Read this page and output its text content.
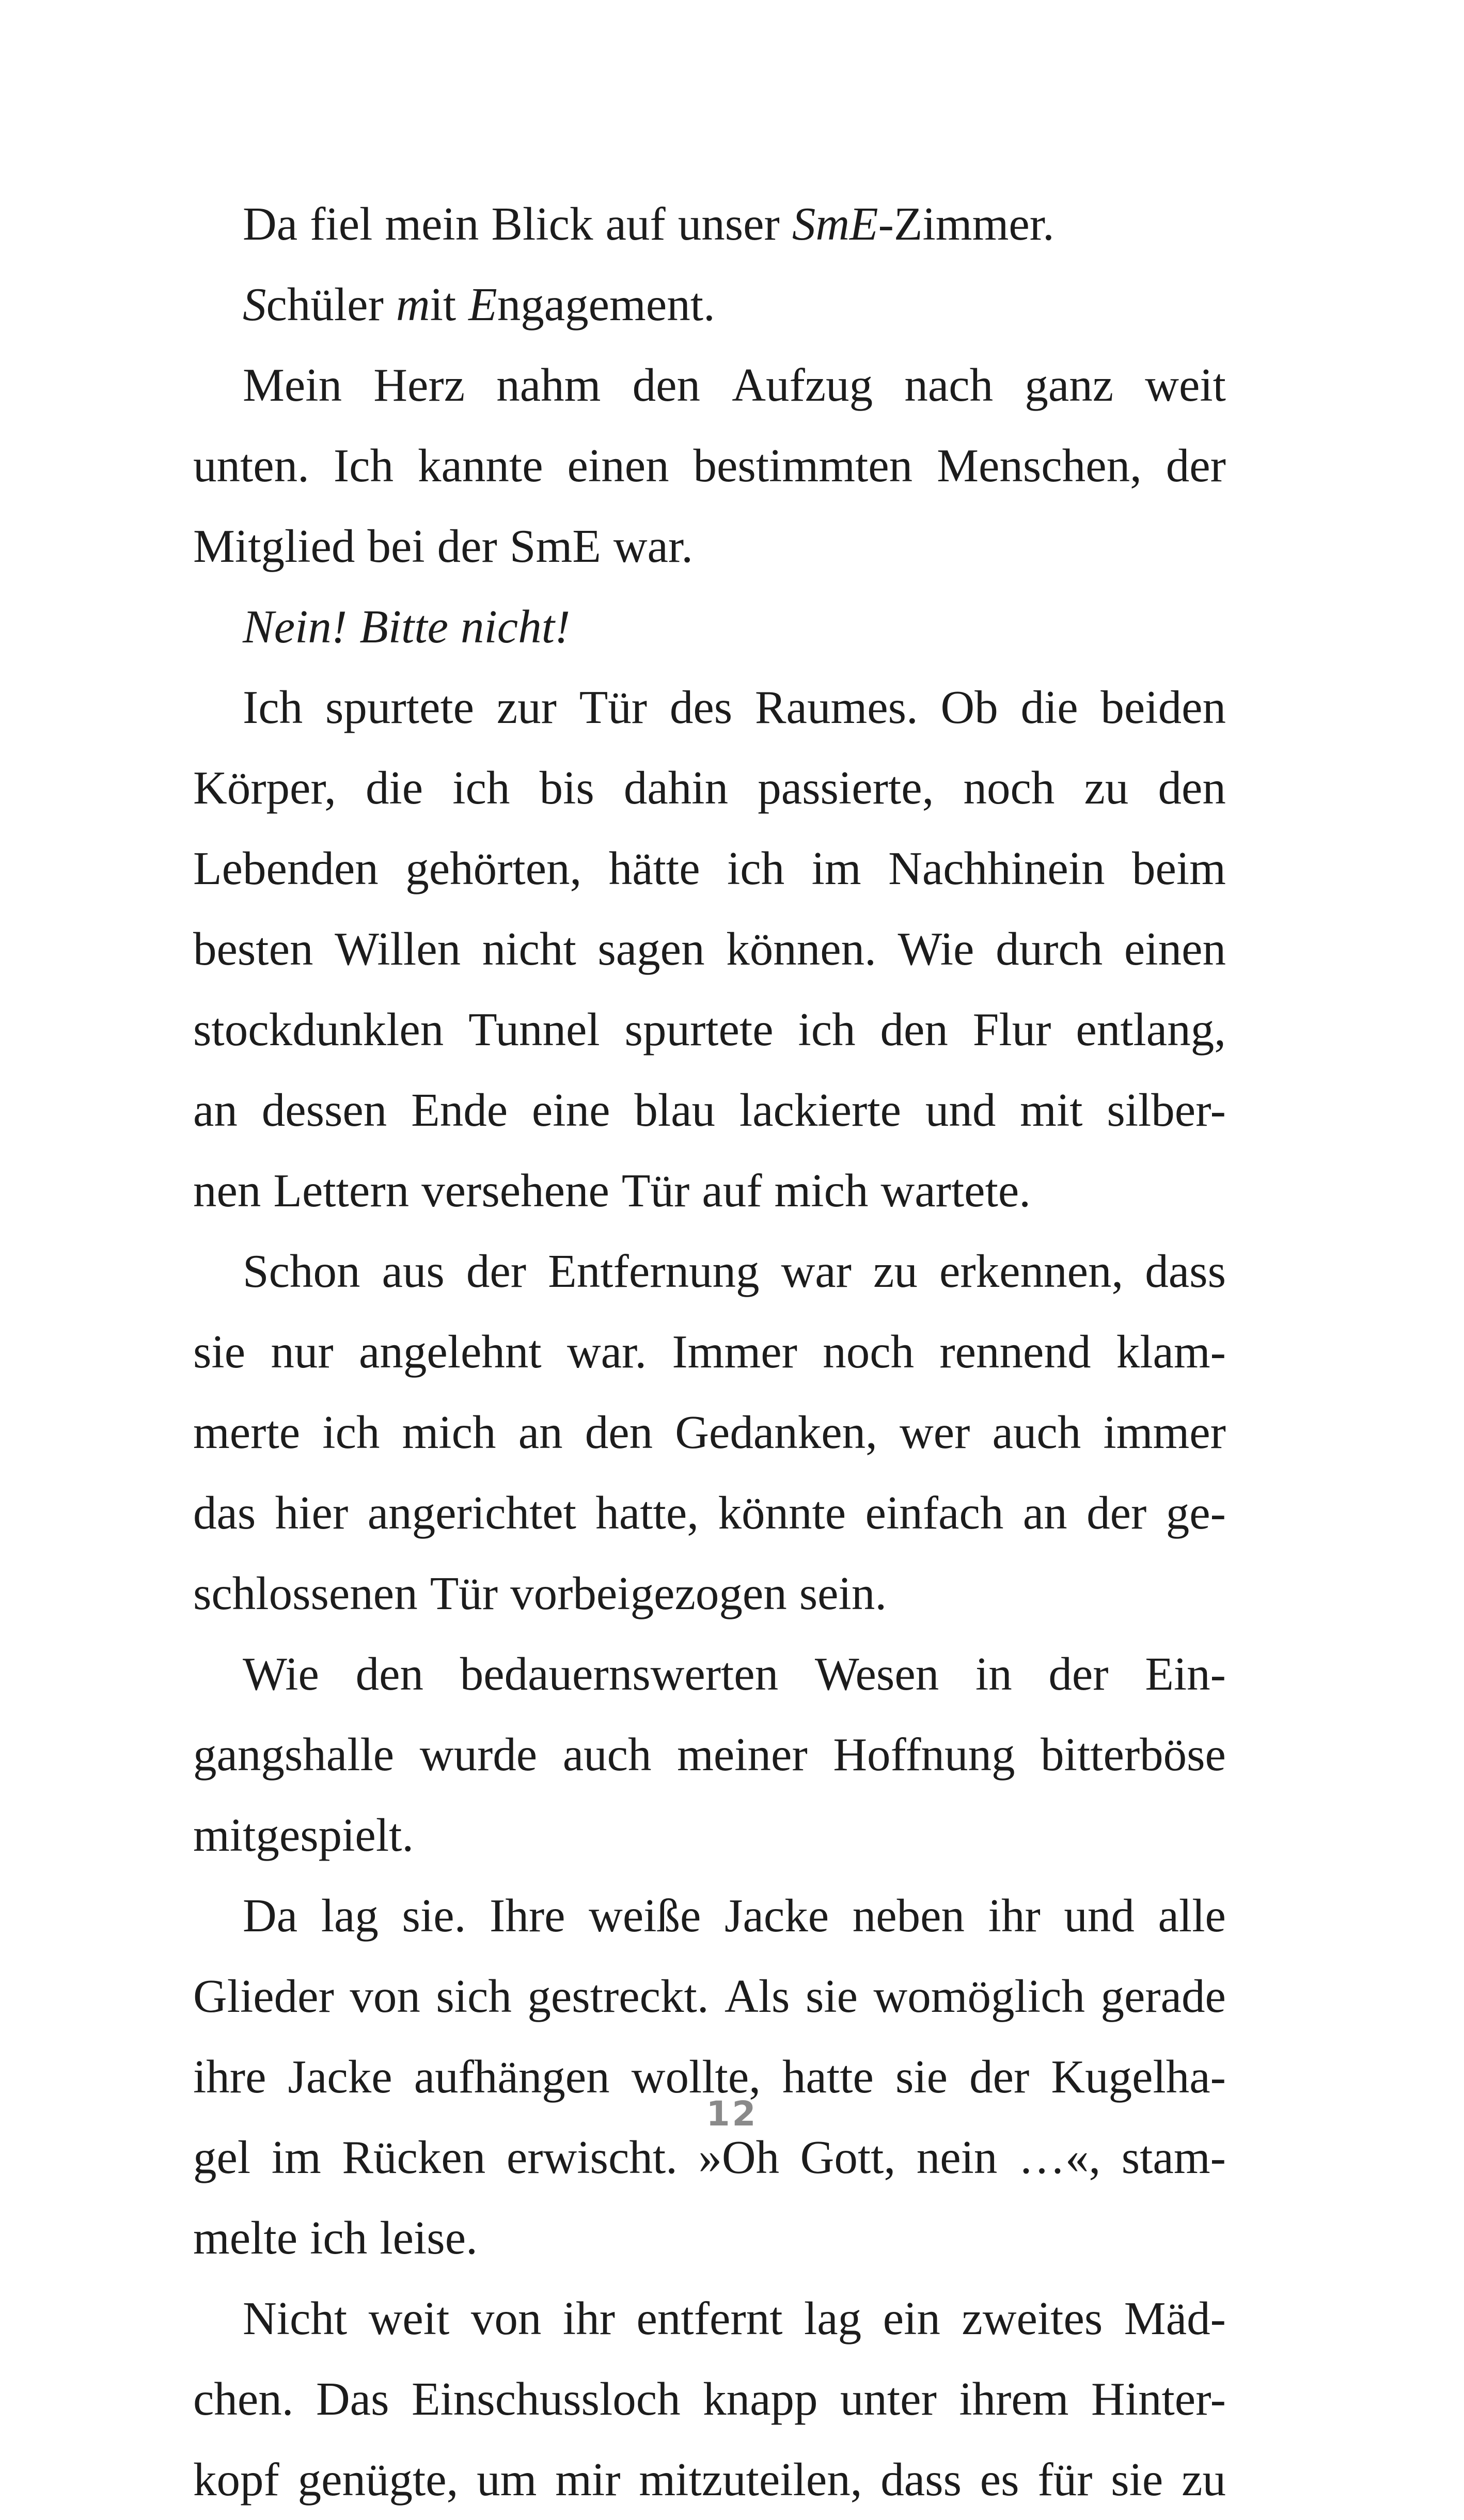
Da fiel mein Blick auf unser SmE-Zimmer.
Schüler mit Engagement.
Mein Herz nahm den Aufzug nach ganz weit
unten. Ich kannte einen bestimmten Menschen, der
Mitglied bei der SmE war.
Nein! Bitte nicht!
Ich spurtete zur Tür des Raumes. Ob die beiden
Körper, die ich bis dahin passierte, noch zu den
Lebenden gehörten, hätte ich im Nachhinein beim
besten Willen nicht sagen können. Wie durch einen
stockdunklen Tunnel spurtete ich den Flur entlang,
an dessen Ende eine blau lackierte und mit silber-
nen Lettern versehene Tür auf mich wartete.
Schon aus der Entfernung war zu erkennen, dass
sie nur angelehnt war. Immer noch rennend klam-
merte ich mich an den Gedanken, wer auch immer
das hier angerichtet hatte, könnte einfach an der ge-
schlossenen Tür vorbeigezogen sein.
Wie den bedauernswerten Wesen in der Ein-
gangshalle wurde auch meiner Hoffnung bitterböse
mitgespielt.
Da lag sie. Ihre weiße Jacke neben ihr und alle
Glieder von sich gestreckt. Als sie womöglich gerade
ihre Jacke aufhängen wollte, hatte sie der Kugelha-
gel im Rücken erwischt. »Oh Gott, nein …«, stam-
melte ich leise.
Nicht weit von ihr entfernt lag ein zweites Mäd-
chen. Das Einschussloch knapp unter ihrem Hinter-
kopf genügte, um mir mitzuteilen, dass es für sie zu
12
